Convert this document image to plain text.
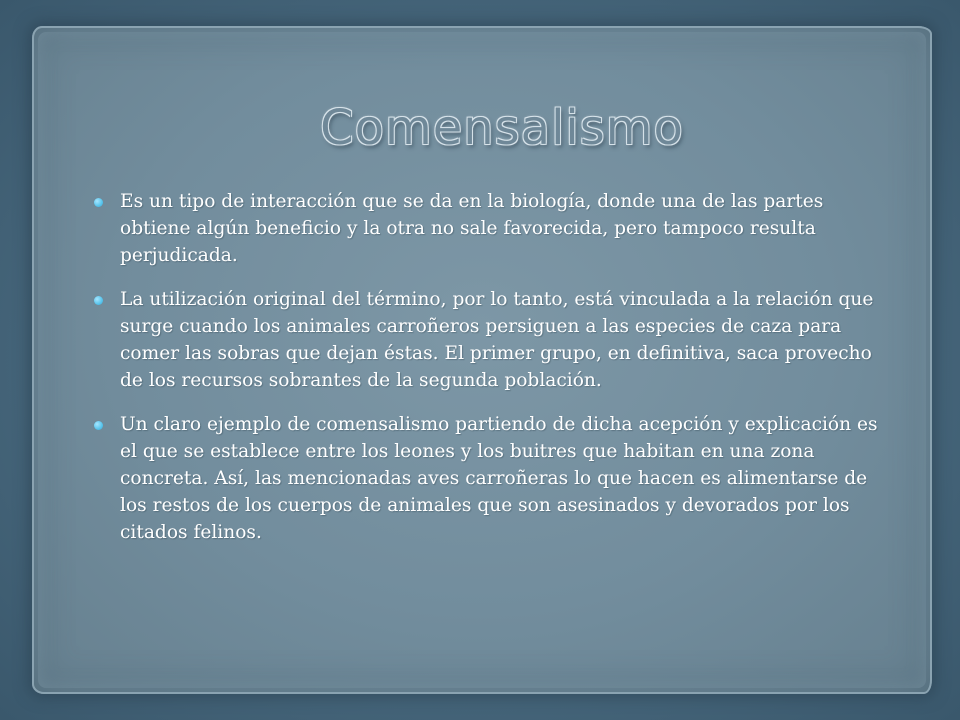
Comensalismo
Es un tipo de interacción que se da en la biología, donde una de las partes obtiene algún beneficio y la otra no sale favorecida, pero tampoco resulta perjudicada.
La utilización original del término, por lo tanto, está vinculada a la relación que surge cuando los animales carroñeros persiguen a las especies de caza para comer las sobras que dejan éstas. El primer grupo, en definitiva, saca provecho de los recursos sobrantes de la segunda población.
Un claro ejemplo de comensalismo partiendo de dicha acepción y explicación es el que se establece entre los leones y los buitres que habitan en una zona concreta. Así, las mencionadas aves carroñeras lo que hacen es alimentarse de los restos de los cuerpos de animales que son asesinados y devorados por los citados felinos.
